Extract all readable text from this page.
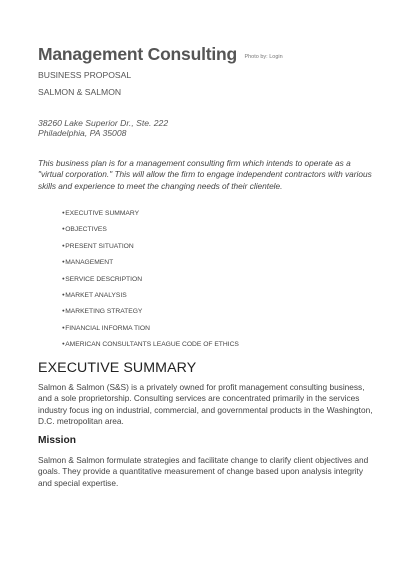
Management Consulting Photo by: Login
BUSINESS PROPOSAL
SALMON & SALMON
38260 Lake Superior Dr., Ste. 222
Philadelphia, PA 35008
This business plan is for a management consulting firm which intends to operate as a "virtual corporation." This will allow the firm to engage independent contractors with various skills and experience to meet the changing needs of their clientele.
●EXECUTIVE SUMMARY
●OBJECTIVES
●PRESENT SITUATION
●MANAGEMENT
●SERVICE DESCRIPTION
●MARKET ANALYSIS
●MARKETING STRATEGY
●FINANCIAL INFORMA TION
●AMERICAN CONSULTANTS LEAGUE CODE OF ETHICS
EXECUTIVE SUMMARY
Salmon & Salmon (S&S) is a privately owned for profit management consulting business, and a sole proprietorship. Consulting services are concentrated primarily in the services industry focus ing on industrial, commercial, and governmental products in the Washington, D.C. metropolitan area.
Mission
Salmon & Salmon formulate strategies and facilitate change to clarify client objectives and goals. They provide a quantitative measurement of change based upon analysis integrity and special expertise.
